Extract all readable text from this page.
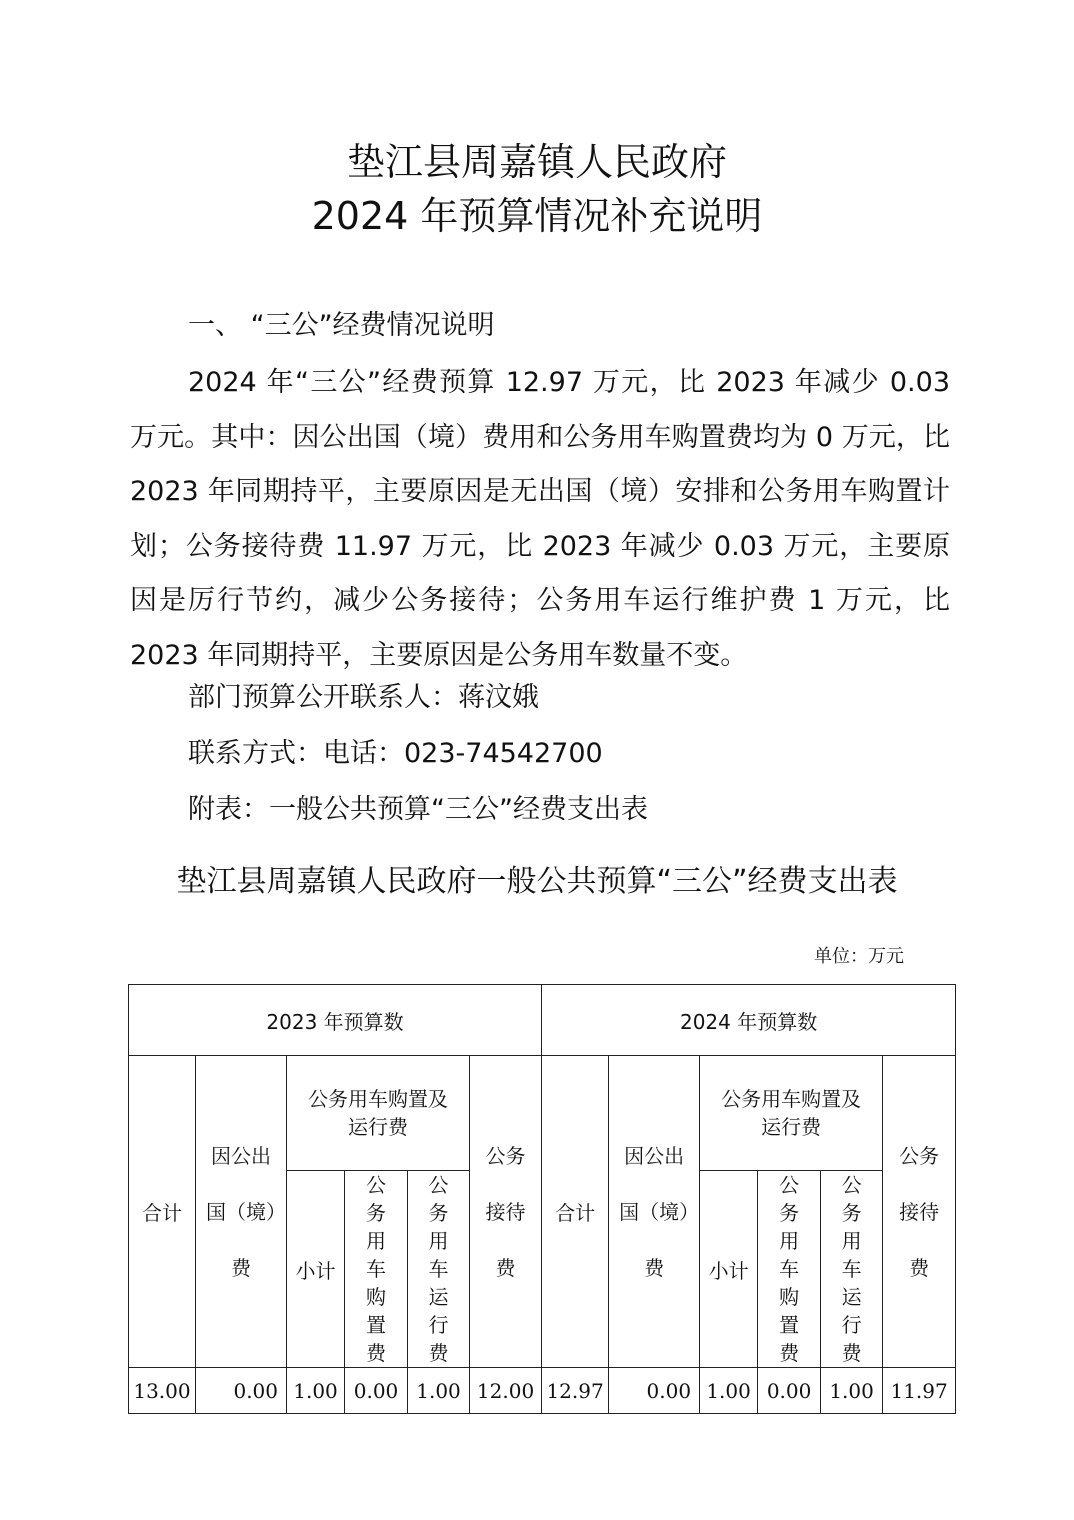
垫江县周嘉镇人民政府
2024 年预算情况补充说明
一、 “三公”经费情况说明
2024 年“三公”经费预算 12.97 万元，比 2023 年减少 0.03 万元。其中：因公出国（境）费用和公务用车购置费均为 0 万元，比 2023 年同期持平，主要原因是无出国（境）安排和公务用车购置计划；公务接待费 11.97 万元，比 2023 年减少 0.03 万元，主要原因是厉行节约，减少公务接待；公务用车运行维护费 1 万元，比 2023 年同期持平，主要原因是公务用车数量不变。
部门预算公开联系人：蒋汶娥
联系方式：电话：023-74542700
附表：一般公共预算“三公”经费支出表
垫江县周嘉镇人民政府一般公共预算“三公”经费支出表
单位：万元
2023 年预算数						2024 年预算数					
合计	因公出国（境）费	公务用车购置及运行费			公务接待费	合计	因公出国（境）费	公务用车购置及运行费			公务接待费
		小计	公务用车购置费	公务用车运行费				小计	公务用车购置费	公务用车运行费	
13.00	0.00	1.00	0.00	1.00	12.00	12.97	0.00	1.00	0.00	1.00	11.97
